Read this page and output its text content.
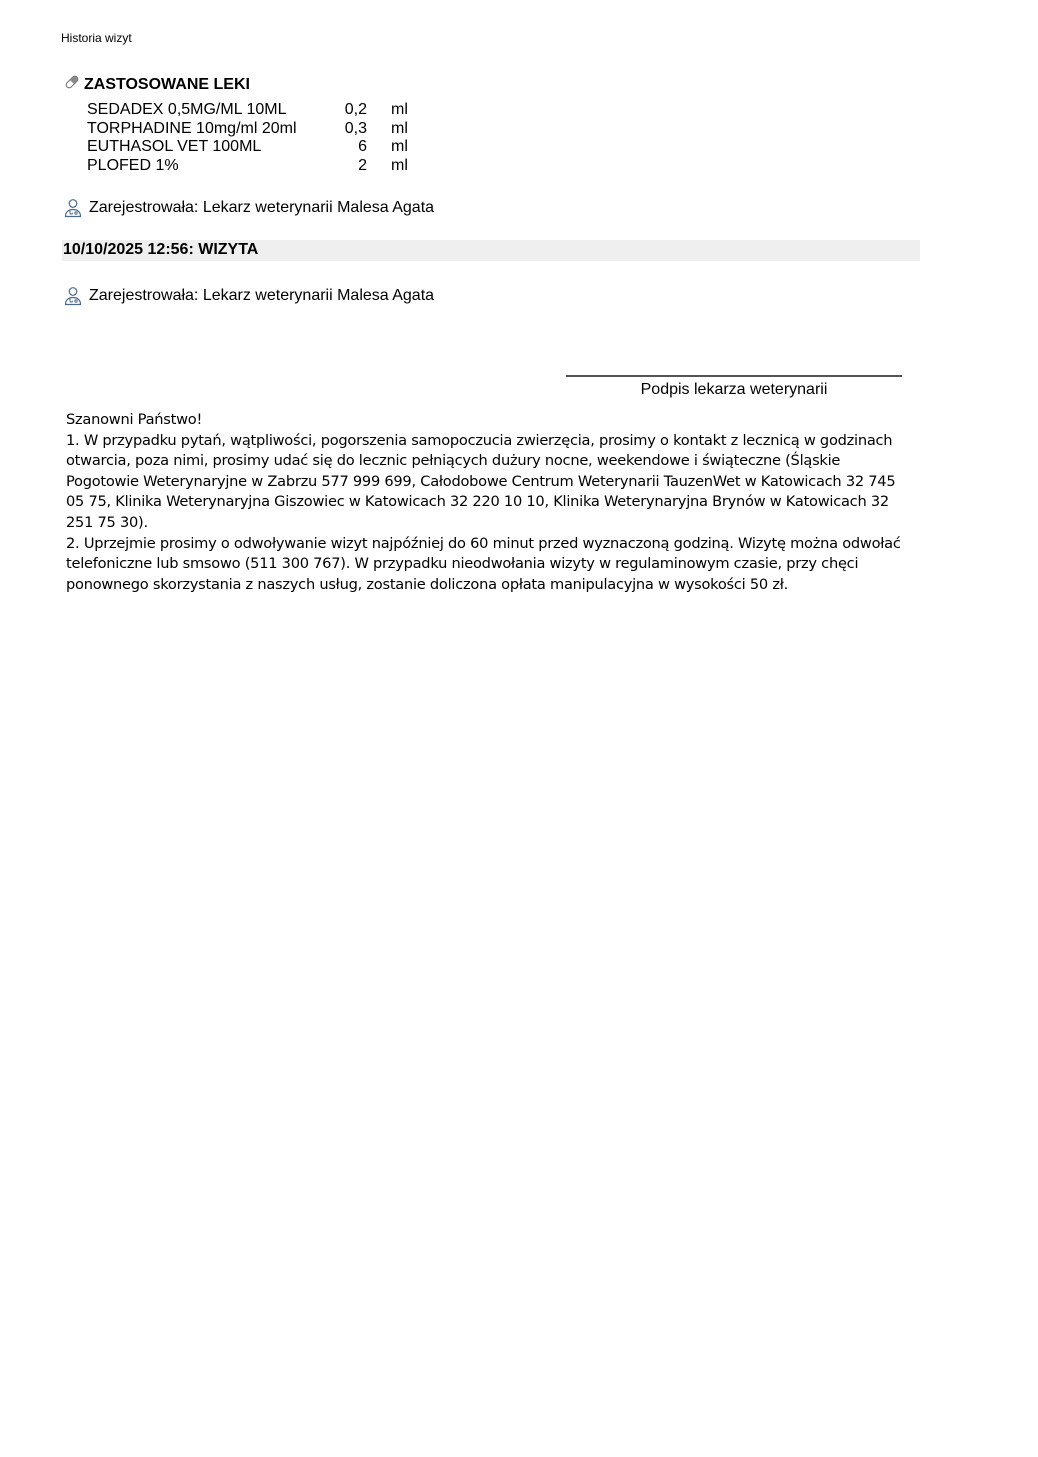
Historia wizyt
ZASTOSOWANE LEKI
SEDADEX 0,5MG/ML 10ML	0,2	ml
TORPHADINE 10mg/ml 20ml	0,3	ml
EUTHASOL VET 100ML	6	ml
PLOFED 1%	2	ml
Zarejestrowała: Lekarz weterynarii Malesa Agata
10/10/2025 12:56: WIZYTA
Zarejestrowała: Lekarz weterynarii Malesa Agata
Podpis lekarza weterynarii

Szanowni Państwo!

1. W przypadku pytań, wątpliwości, pogorszenia samopoczucia zwierzęcia, prosimy o kontakt z lecznicą w godzinach otwarcia, poza nimi, prosimy udać się do lecznic pełniących dużury nocne, weekendowe i świąteczne (Śląskie Pogotowie Weterynaryjne w Zabrzu 577 999 699, Całodobowe Centrum Weterynarii TauzenWet w Katowicach 32 745 05 75, Klinika Weterynaryjna Giszowiec w Katowicach 32 220 10 10, Klinika Weterynaryjna Brynów w Katowicach 32 251 75 30).

2. Uprzejmie prosimy o odwoływanie wizyt najpóźniej do 60 minut przed wyznaczoną godziną. Wizytę można odwołać telefoniczne lub smsowo (511 300 767). W przypadku nieodwołania wizyty w regulaminowym czasie, przy chęci ponownego skorzystania z naszych usług, zostanie doliczona opłata manipulacyjna w wysokości 50 zł.
